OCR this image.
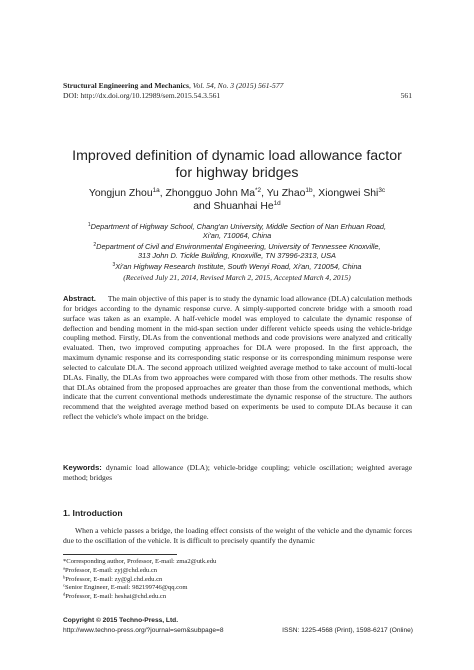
Structural Engineering and Mechanics, Vol. 54, No. 3 (2015) 561-577
DOI: http://dx.doi.org/10.12989/sem.2015.54.3.561	561
Improved definition of dynamic load allowance factor
for highway bridges
Yongjun Zhou$^{1a}$, Zhongguo John Ma$^{*2}$, Yu Zhao$^{1b}$, Xiongwei Shi$^{3c}$
and Shuanhai $He^{1d}$

$^1$Department of Highway School, Chang'an University, Middle Section of Nan Erhuan Road,
Xi'an, 710064, China

$^2$Department of Civil and Environmental Engineering, University of Tennessee Knoxville,
313 John D. Tickle Building, Knoxville, TN 37996-2313, USA

$^3$Xi'an Highway Research Institute, South Wenyi Road, Xi'an, 710054, China

(Received July 21, 2014, Revised March 2, 2015, Accepted March 4, 2015)
Abstract. The main objective of this paper is to study the dynamic load allowance (DLA) calculation methods for bridges according to the dynamic response curve. A simply-supported concrete bridge with a smooth road surface was taken as an example. A half-vehicle model was employed to calculate the dynamic response of deflection and bending moment in the mid-span section under different vehicle speeds using the vehicle-bridge coupling method. Firstly, DLAs from the conventional methods and code provisions were analyzed and critically evaluated. Then, two improved computing approaches for DLA were proposed. In the first approach, the maximum dynamic response and its corresponding static response or its corresponding minimum response were selected to calculate DLA. The second approach utilized weighted average method to take account of multi-local DLAs. Finally, the DLAs from two approaches were compared with those from other methods. The results show that DLAs obtained from the proposed approaches are greater than those from the conventional methods, which indicate that the current conventional methods underestimate the dynamic response of the structure. The authors recommend that the weighted average method based on experiments be used to compute DLAs because it can reflect the vehicle's whole impact on the bridge.
Keywords: dynamic load allowance (DLA); vehicle-bridge coupling; vehicle oscillation; weighted average method; bridges
1. Introduction
When a vehicle passes a bridge, the loading effect consists of the weight of the vehicle and the dynamic forces due to the oscillation of the vehicle. It is difficult to precisely quantify the dynamic
*Corresponding author, Professor, E-mail: zma2@utk.edu
$^a$Professor, E-mail: zyj@chd.edu.cn
$^b$Professor, E-mail: zy@gl.chd.edu.cn
$^c$Senior Engineer, E-mail: 982199746@qq.com
$^d$Professor, E-mail: heshai@chd.edu.cn
Copyright © 2015 Techno-Press, Ltd.
http://www.techno-press.org/?journal=sem&subpage=8	ISSN: 1225-4568 (Print), 1598-6217 (Online)
